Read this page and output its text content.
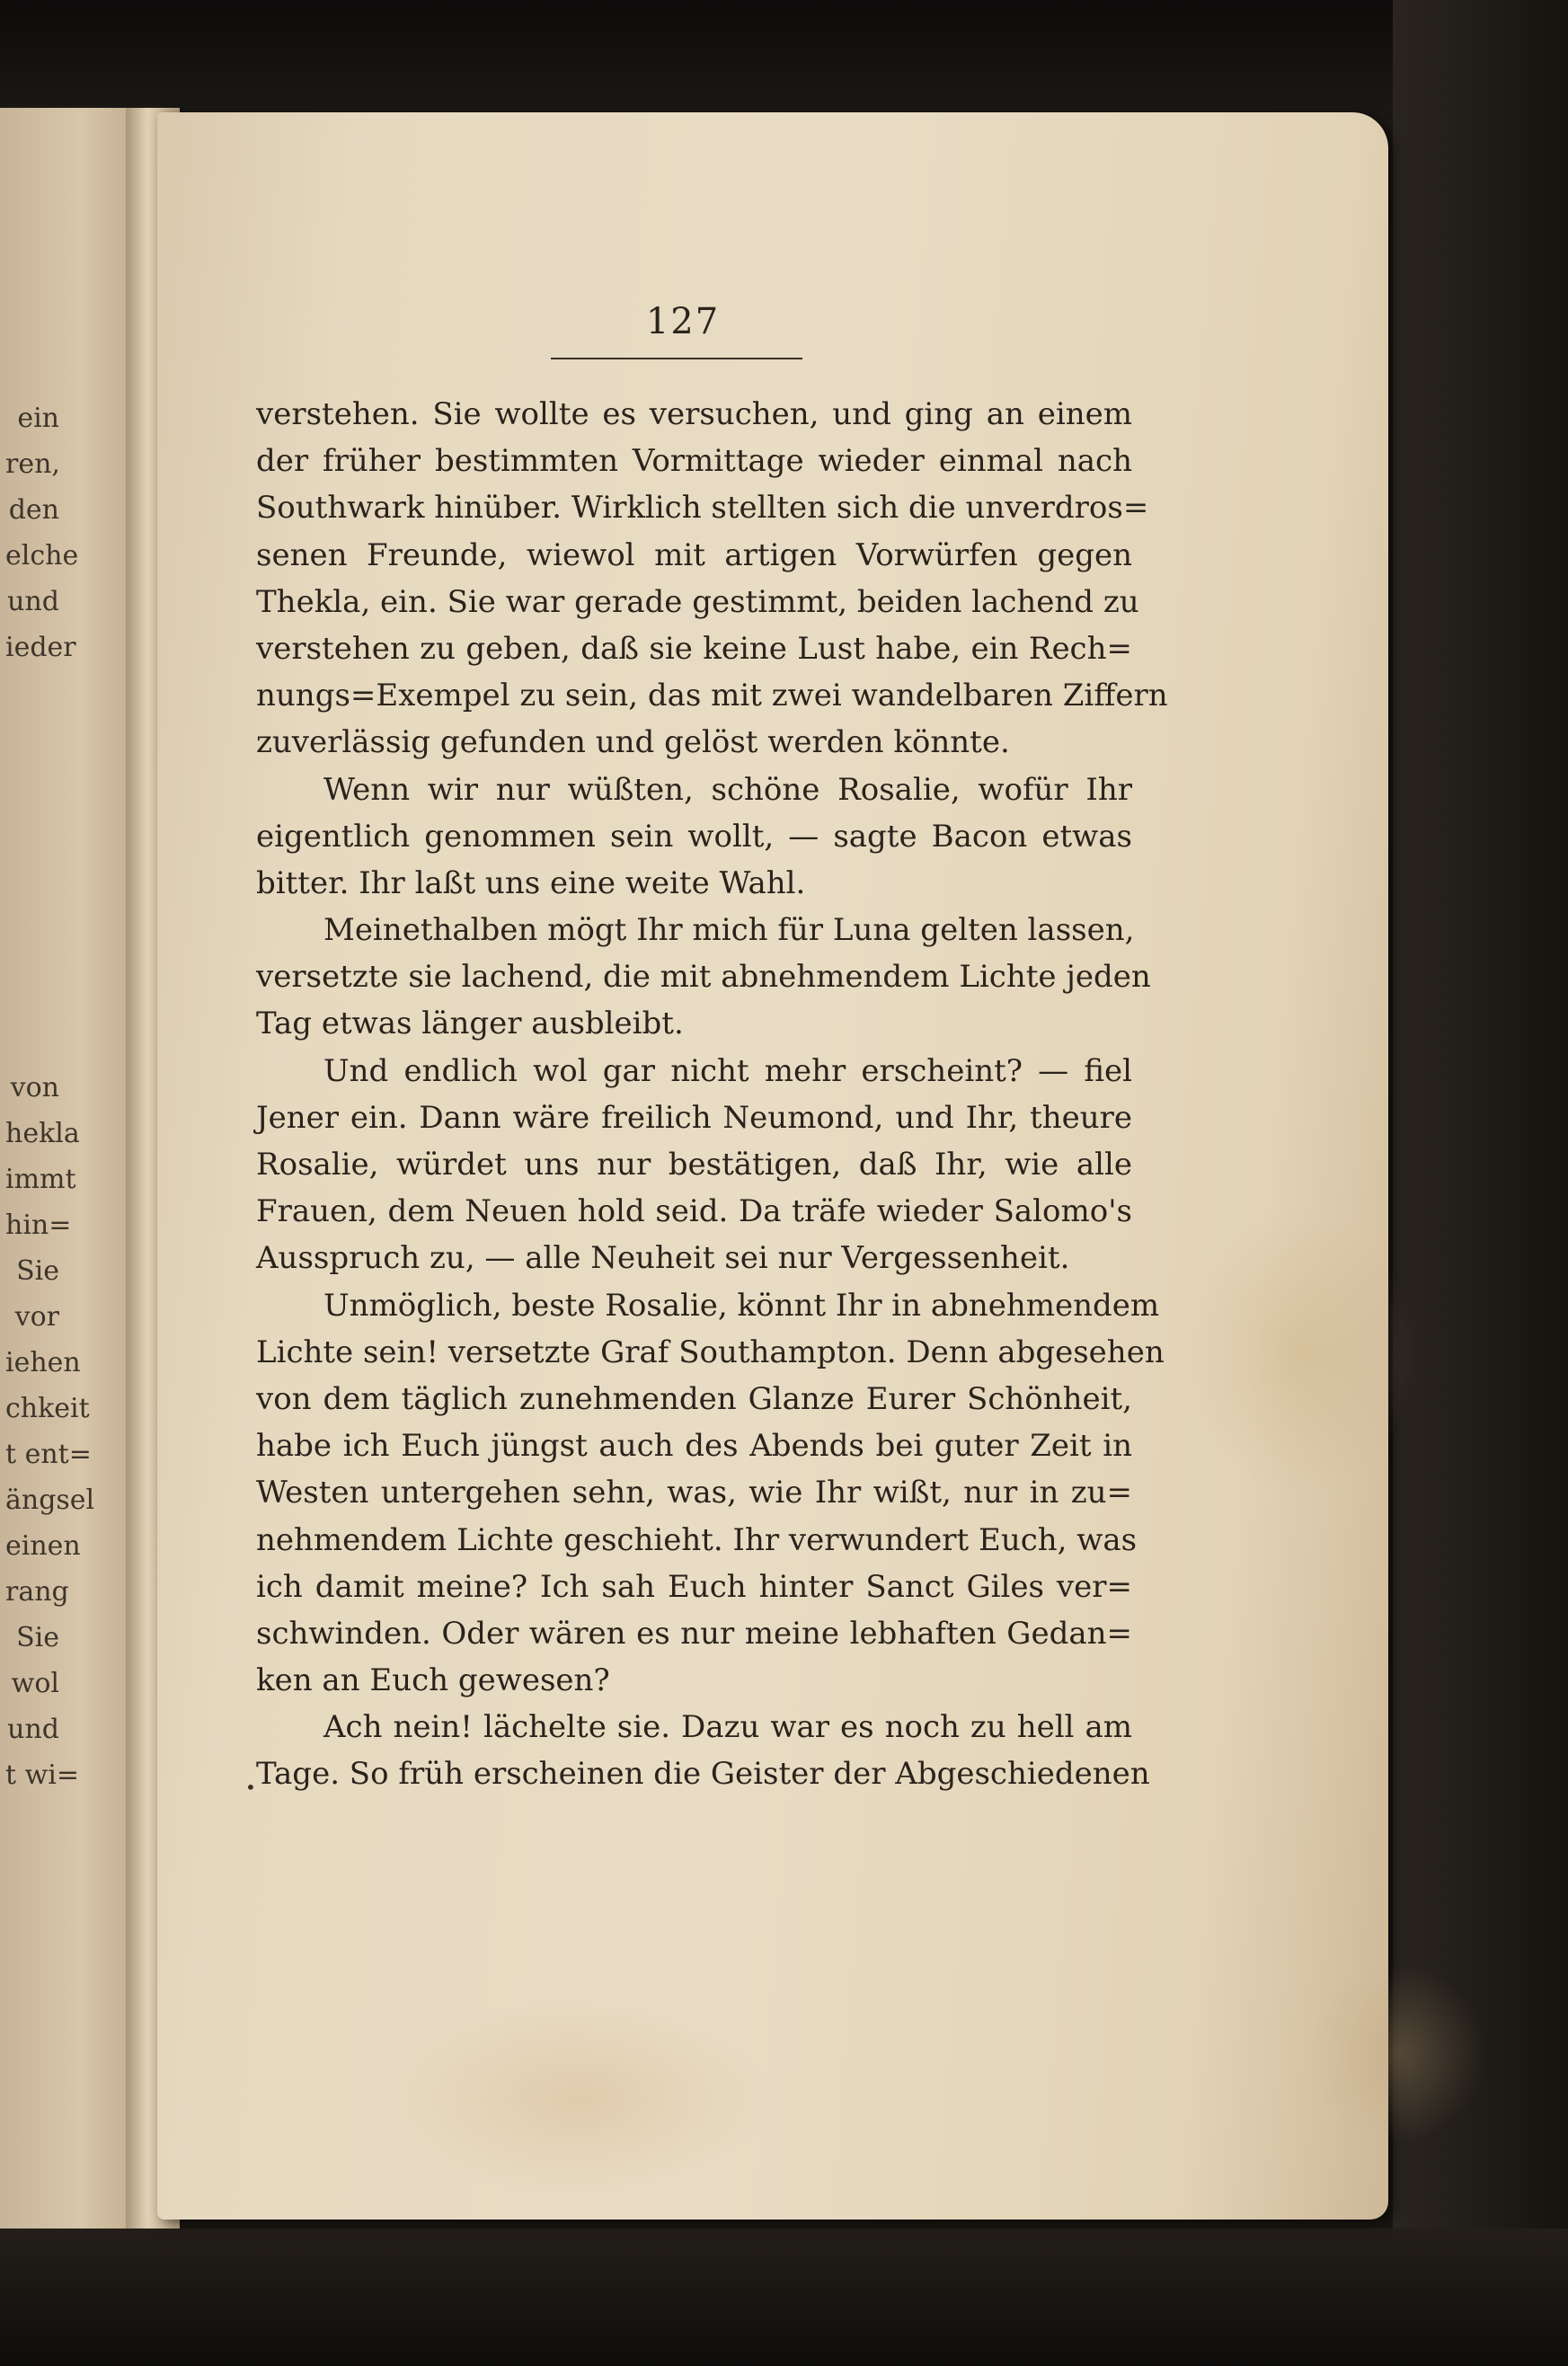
ein
ren,
den
elche
und
ieder
von
hekla
immt
hin=
Sie
vor
iehen
chkeit
t ent=
ängsel
einen
rang
Sie
wol
und
t wi=
127
verstehen. Sie wollte es versuchen, und ging an einem
der früher bestimmten Vormittage wieder einmal nach
Southwark hinüber. Wirklich stellten sich die unverdros=
senen Freunde, wiewol mit artigen Vorwürfen gegen
Thekla, ein. Sie war gerade gestimmt, beiden lachend zu
verstehen zu geben, daß sie keine Lust habe, ein Rech=
nungs=Exempel zu sein, das mit zwei wandelbaren Ziffern
zuverlässig gefunden und gelöst werden könnte.
Wenn wir nur wüßten, schöne Rosalie, wofür Ihr
eigentlich genommen sein wollt, — sagte Bacon etwas
bitter. Ihr laßt uns eine weite Wahl.
Meinethalben mögt Ihr mich für Luna gelten lassen,
versetzte sie lachend, die mit abnehmendem Lichte jeden
Tag etwas länger ausbleibt.
Und endlich wol gar nicht mehr erscheint? — fiel
Jener ein. Dann wäre freilich Neumond, und Ihr, theure
Rosalie, würdet uns nur bestätigen, daß Ihr, wie alle
Frauen, dem Neuen hold seid. Da träfe wieder Salomo's
Ausspruch zu, — alle Neuheit sei nur Vergessenheit.
Unmöglich, beste Rosalie, könnt Ihr in abnehmendem
Lichte sein! versetzte Graf Southampton. Denn abgesehen
von dem täglich zunehmenden Glanze Eurer Schönheit,
habe ich Euch jüngst auch des Abends bei guter Zeit in
Westen untergehen sehn, was, wie Ihr wißt, nur in zu=
nehmendem Lichte geschieht. Ihr verwundert Euch, was
ich damit meine? Ich sah Euch hinter Sanct Giles ver=
schwinden. Oder wären es nur meine lebhaften Gedan=
ken an Euch gewesen?
Ach nein! lächelte sie. Dazu war es noch zu hell am
Tage. So früh erscheinen die Geister der Abgeschiedenen
•
